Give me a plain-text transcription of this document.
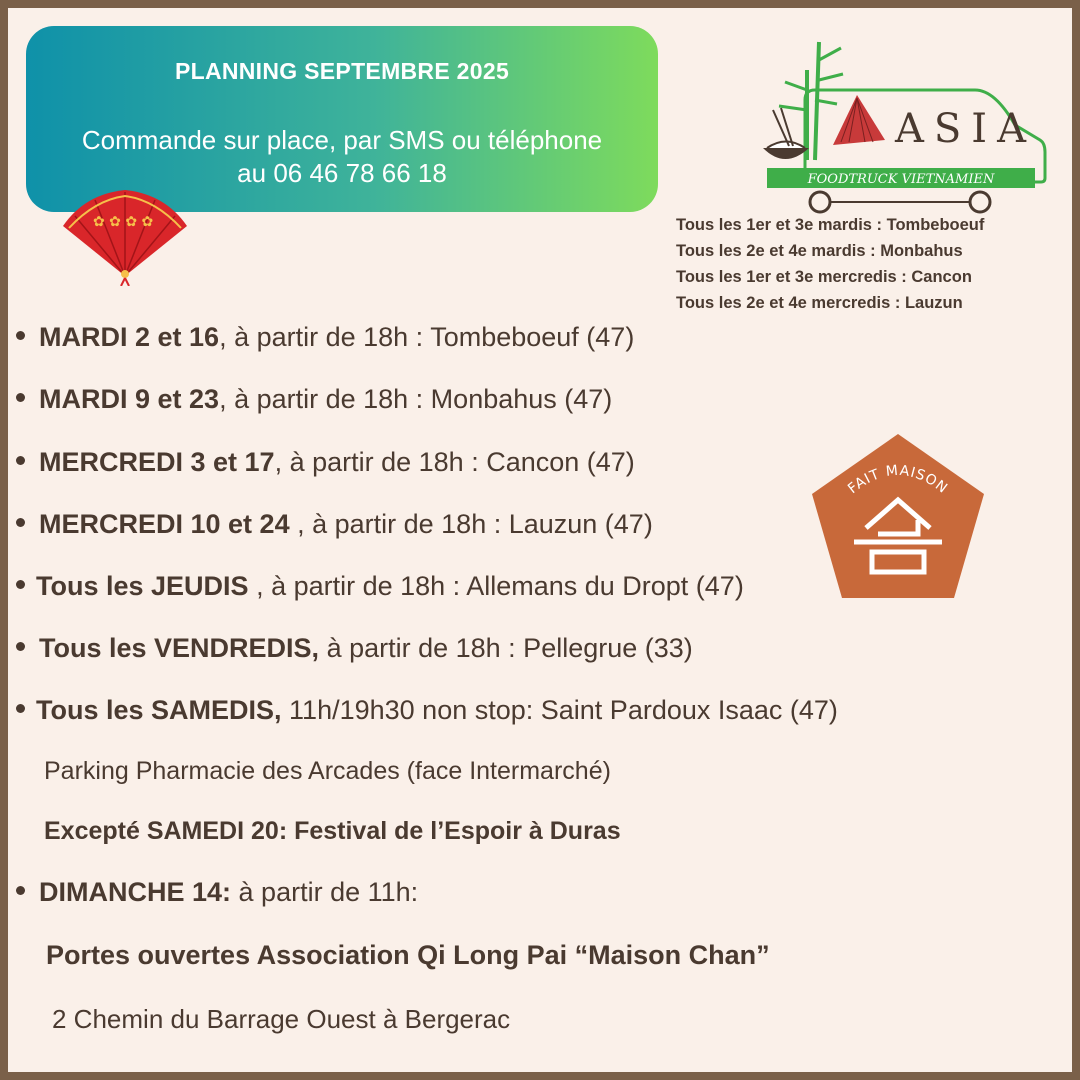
PLANNING SEPTEMBRE 2025
Commande sur place, par SMS ou téléphone
au 06 46 78 66 18
✿ ✿ ✿ ✿
ASIA
FOODTRUCK VIETNAMIEN
Tous les 1er et 3e mardis : Tombeboeuf
Tous les 2e et 4e mardis : Monbahus
Tous les 1er et 3e mercredis : Cancon
Tous les 2e et 4e mercredis : Lauzun
MARDI 2 et 16, à partir de 18h : Tombeboeuf (47)
MARDI 9 et 23, à partir de 18h : Monbahus (47)
MERCREDI 3 et 17, à partir de 18h : Cancon (47)
MERCREDI 10 et 24 , à partir de 18h : Lauzun (47)
Tous les JEUDIS , à partir de 18h : Allemans du Dropt (47)
Tous les VENDREDIS, à partir de 18h : Pellegrue (33)
Tous les SAMEDIS, 11h/19h30 non stop: Saint Pardoux Isaac (47)
Parking Pharmacie des Arcades (face Intermarché)
Excepté SAMEDI 20: Festival de l’Espoir à Duras
DIMANCHE 14: à partir de 11h:
Portes ouvertes Association Qi Long Pai “Maison Chan”
2 Chemin du Barrage Ouest à Bergerac
FAIT MAISON
